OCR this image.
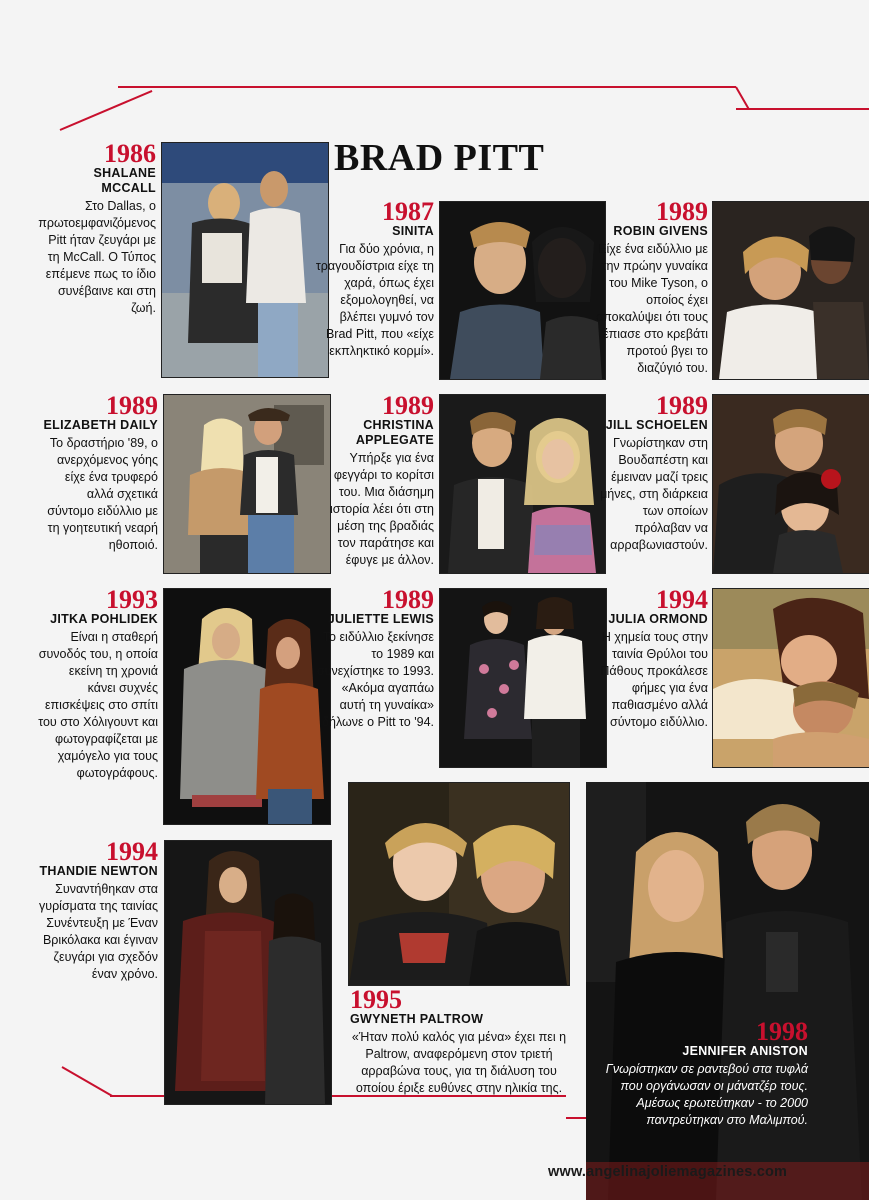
BRAD PITT
1986
SHALANE MCCALL
Στο Dallas, ο πρωτοεμφανιζόμενος Pitt ήταν ζευγάρι με τη McCall. Ο Τύπος επέμενε πως το ίδιο συνέβαινε και στη ζωή.
1987
SINITA
Για δύο χρόνια, η τραγουδίστρια είχε τη χαρά, όπως έχει εξομολογηθεί, να βλέπει γυμνό τον Brad Pitt, που «είχε εκπληκτικό κορμί».
1989
ROBIN GIVENS
Είχε ένα ειδύλλιο με την πρώην γυναίκα του Mike Tyson, ο οποίος έχει αποκαλύψει ότι τους έπιασε στο κρεβάτι προτού βγει το διαζύγιό του.
1989
ELIZABETH DAILY
Το δραστήριο '89, ο ανερχόμενος γόης είχε ένα τρυφερό αλλά σχετικά σύντομο ειδύλλιο με τη γοητευτική νεαρή ηθοποιό.
1989
CHRISTINA APPLEGATE
Υπήρξε για ένα φεγγάρι το κορίτσι του. Μια διάσημη ιστορία λέει ότι στη μέση της βραδιάς τον παράτησε και έφυγε με άλλον.
1989
JILL SCHOELEN
Γνωρίστηκαν στη Βουδαπέστη και έμειναν μαζί τρεις μήνες, στη διάρκεια των οποίων πρόλαβαν να αρραβωνιαστούν.
1993
JITKA POHLIDEK
Είναι η σταθερή συνοδός του, η οποία εκείνη τη χρονιά κάνει συχνές επισκέψεις στο σπίτι του στο Χόλιγουντ και φωτογραφίζεται με χαμόγελο για τους φωτογράφους.
1989
JULIETTE LEWIS
Το ειδύλλιο ξεκίνησε το 1989 και συνεχίστηκε το 1993. «Ακόμα αγαπάω αυτή τη γυναίκα» δήλωνε ο Pitt το '94.
1994
JULIA ORMOND
Η χημεία τους στην ταινία Θρύλοι του Πάθους προκάλεσε φήμες για ένα παθιασμένο αλλά σύντομο ειδύλλιο.
1994
THANDIE NEWTON
Συναντήθηκαν στα γυρίσματα της ταινίας Συνέντευξη με Έναν Βρικόλακα και έγιναν ζευγάρι για σχεδόν έναν χρόνο.
1995
GWYNETH PALTROW
«Ήταν πολύ καλός για μένα» έχει πει η Paltrow, αναφερόμενη στον τριετή αρραβώνα τους, για τη διάλυση του οποίου έριξε ευθύνες στην ηλικία της.
1998
JENNIFER ANISTON
Γνωρίστηκαν σε ραντεβού στα τυφλά που οργάνωσαν οι μάνατζέρ τους. Αμέσως ερωτεύτηκαν - το 2000 παντρεύτηκαν στο Μαλιμπού.
www.angelinajoliemagazines.com
